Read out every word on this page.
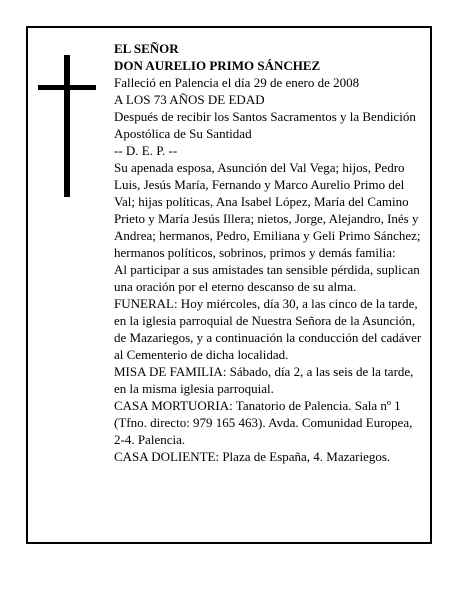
EL SEÑOR

DON AURELIO PRIMO SÁNCHEZ

Falleció en Palencia el día 29 de enero de 2008

A LOS 73 AÑOS DE EDAD

Después de recibir los Santos Sacramentos y la Bendición Apostólica de Su Santidad

-- D. E. P. --

Su apenada esposa, Asunción del Val Vega; hijos, Pedro Luis, Jesús María, Fernando y Marco Aurelio Primo del Val; hijas políticas, Ana Isabel López, María del Camino Prieto y María Jesús Illera; nietos, Jorge, Alejandro, Inés y Andrea; hermanos, Pedro, Emiliana y Geli Primo Sánchez; hermanos políticos, sobrinos, primos y demás familia:

Al participar a sus amistades tan sensible pérdida, suplican una oración por el eterno descanso de su alma.

FUNERAL: Hoy miércoles, día 30, a las cinco de la tarde, en la iglesia parroquial de Nuestra Señora de la Asunción, de Mazariegos, y a continuación la conducción del cadáver al Cementerio de dicha localidad.

MISA DE FAMILIA: Sábado, día 2, a las seis de la tarde, en la misma iglesia parroquial.

CASA MORTUORIA: Tanatorio de Palencia. Sala nº 1 (Tfno. directo: 979 165 463). Avda. Comunidad Europea, 2-4. Palencia.

CASA DOLIENTE: Plaza de España, 4. Mazariegos.
